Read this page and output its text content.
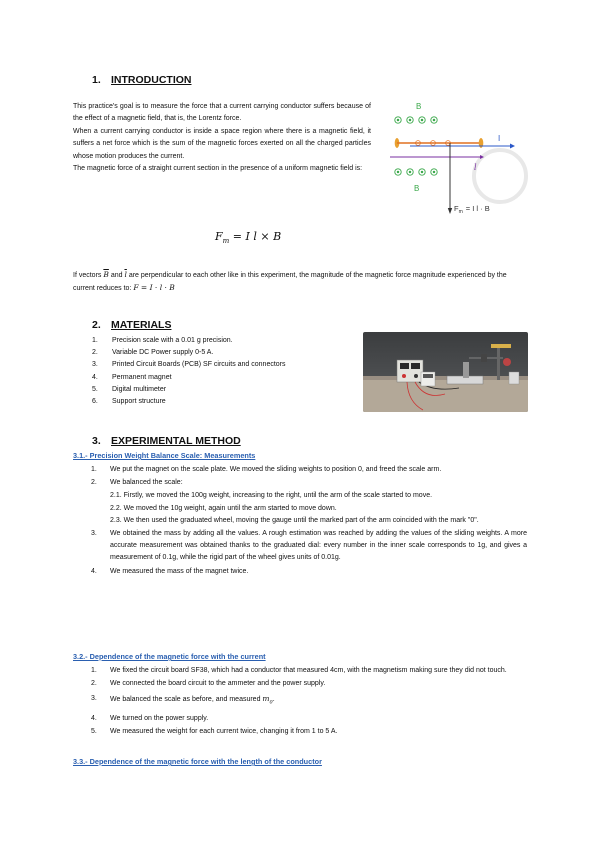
1. INTRODUCTION
This practice's goal is to measure the force that a current carrying conductor suffers because of the effect of a magnetic field, that is, the Lorentz force.
When a current carrying conductor is inside a space region where there is a magnetic field, it suffers a net force which is the sum of the magnetic forces exerted on all the charged particles whose motion produces the current.
The magnetic force of a straight current section in the presence of a uniform magnetic field is:
$F_m = I$ l × B
B
I
l
B
$F_m = I$ l · B
If vectors $\overline{B}$ and $\overline{l}$ are perpendicular to each other like in this experiment, the magnitude of the magnetic force magnitude experienced by the current reduces to: F = I · l · B
2. MATERIALS
1. Precision scale with a 0.01 g precision.
2. Variable DC Power supply 0-5 A.
3. Printed Circuit Boards (PCB) SF circuits and connectors
4. Permanent magnet
5. Digital multimeter
6. Support structure
3. EXPERIMENTAL METHOD
3.1.- Precision Weight Balance Scale: Measurements
1. We put the magnet on the scale plate. We moved the sliding weights to position 0, and freed the scale arm.
2. We balanced the scale:
2.1. Firstly, we moved the 100g weight, increasing to the right, until the arm of the scale started to move.
2.2. We moved the 10g weight, again until the arm started to move down.
2.3. We then used the graduated wheel, moving the gauge until the marked part of the arm coincided with the mark "0".
3. We obtained the mass by adding all the values. A rough estimation was reached by adding the values of the sliding weights. A more accurate measurement was obtained thanks to the graduated dial: every number in the inner scale corresponds to 1g, and gives a measurement of 0.1g, while the rigid part of the wheel gives units of 0.01g.
4. We measured the mass of the magnet twice.
3.2.- Dependence of the magnetic force with the current
1. We fixed the circuit board SF38, which had a conductor that measured 4cm, with the magnetism making sure they did not touch.
2. We connected the board circuit to the ammeter and the power supply.
3. We balanced the scale as before, and measured $m_0$.
4. We turned on the power supply.
5. We measured the weight for each current twice, changing it from 1 to 5 A.
3.3.- Dependence of the magnetic force with the length of the conductor
